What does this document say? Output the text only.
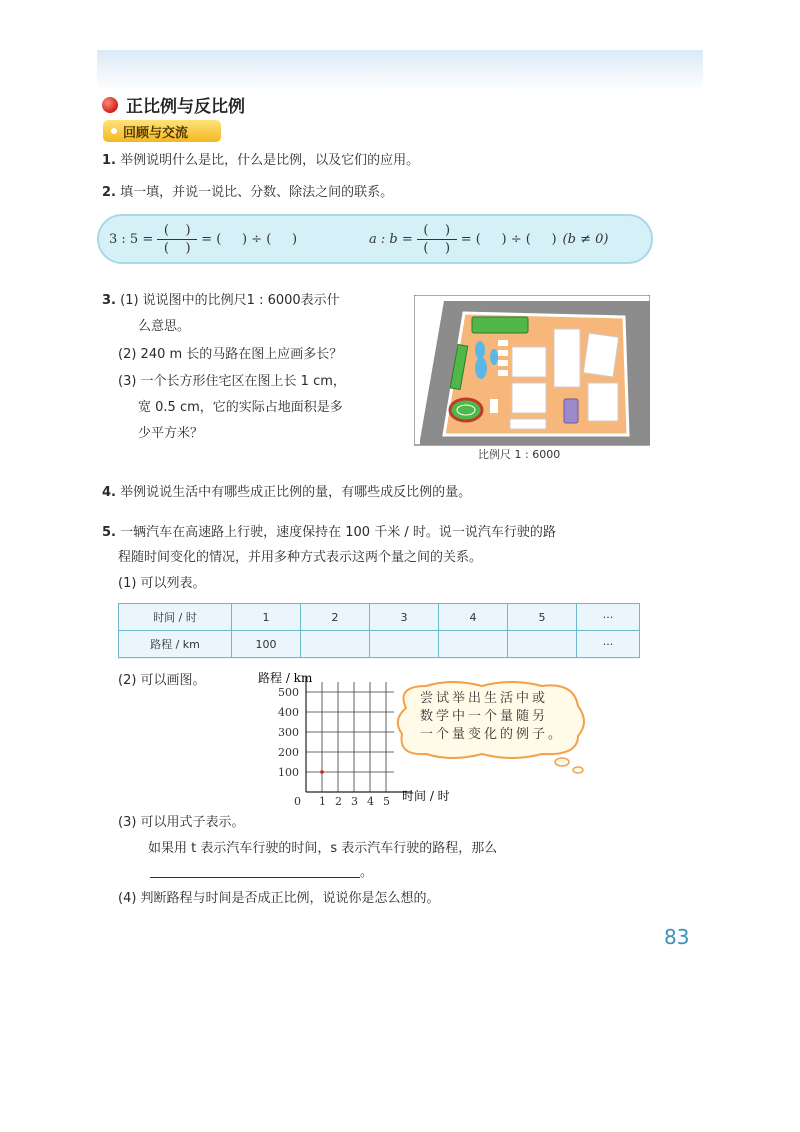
正比例与反比例
回顾与交流
1. 举例说明什么是比，什么是比例，以及它们的应用。
2. 填一填，并说一说比、分数、除法之间的联系。
3 : $5 = \frac{( )}{( )}$ = (     ) ÷ (     )	a : $b = \frac{( )}{( )}$ = (     ) ÷ (     ) (b ≠ 0)
3. (1) 说说图中的比例尺1 : 6000表示什
么意思。
(2) 240 m 长的马路在图上应画多长？
(3) 一个长方形住宅区在图上长 1 cm，
宽 0.5 cm，它的实际占地面积是多
少平方米？
比例尺 1 : 6000
4. 举例说说生活中有哪些成正比例的量，有哪些成反比例的量。
5. 一辆汽车在高速路上行驶，速度保持在 100 千米 / 时。说一说汽车行驶的路
程随时间变化的情况，并用多种方式表示这两个量之间的关系。
(1) 可以列表。
时间 / 时	1	2	3	4	5	···
路程 / km	100					···
(2) 可以画图。	路程 / km
0 1 2 3 4 5
100
200
300
400
500
时间 / 时
尝试举出生活中或
数学中一个量随另
一个量变化的例子。
(3) 可以用式子表示。
如果用 t 表示汽车行驶的时间，s 表示汽车行驶的路程，那么
。
(4) 判断路程与时间是否成正比例，说说你是怎么想的。
83
